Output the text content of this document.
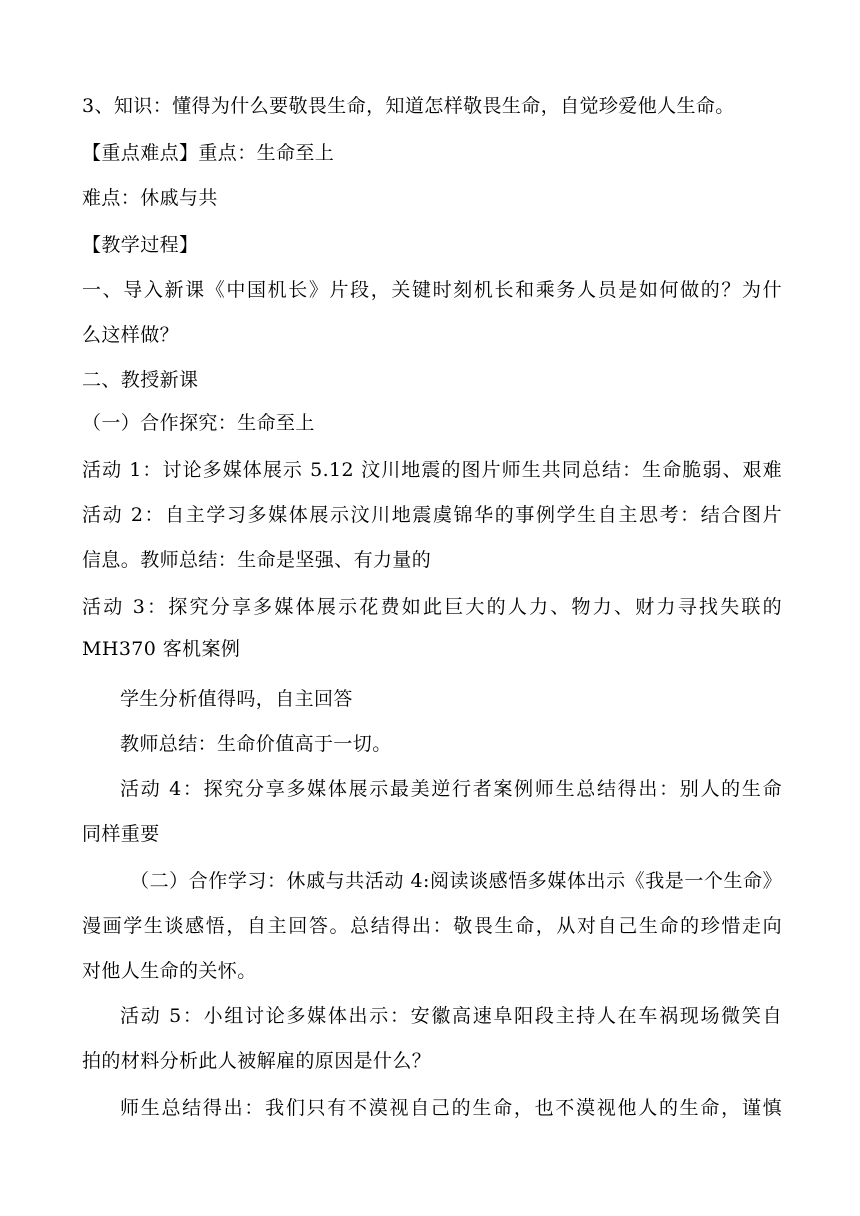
3、知识：懂得为什么要敬畏生命，知道怎样敬畏生命，自觉珍爱他人生命。
【重点难点】重点：生命至上
难点：休戚与共
【教学过程】
一、导入新课《中国机长》片段，关键时刻机长和乘务人员是如何做的？为什
么这样做？
二、教授新课
（一）合作探究：生命至上
活动 1：讨论多媒体展示 5.12 汶川地震的图片师生共同总结：生命脆弱、艰难
活动 2：自主学习多媒体展示汶川地震虞锦华的事例学生自主思考：结合图片
信息。教师总结：生命是坚强、有力量的
活动 3：探究分享多媒体展示花费如此巨大的人力、物力、财力寻找失联的
MH370 客机案例
学生分析值得吗，自主回答
教师总结：生命价值高于一切。
活动 4：探究分享多媒体展示最美逆行者案例师生总结得出：别人的生命
同样重要
（二）合作学习：休戚与共活动 4:阅读谈感悟多媒体出示《我是一个生命》
漫画学生谈感悟，自主回答。总结得出：敬畏生命，从对自己生命的珍惜走向
对他人生命的关怀。
活动 5：小组讨论多媒体出示：安徽高速阜阳段主持人在车祸现场微笑自
拍的材料分析此人被解雇的原因是什么？
师生总结得出：我们只有不漠视自己的生命，也不漠视他人的生命，谨慎
